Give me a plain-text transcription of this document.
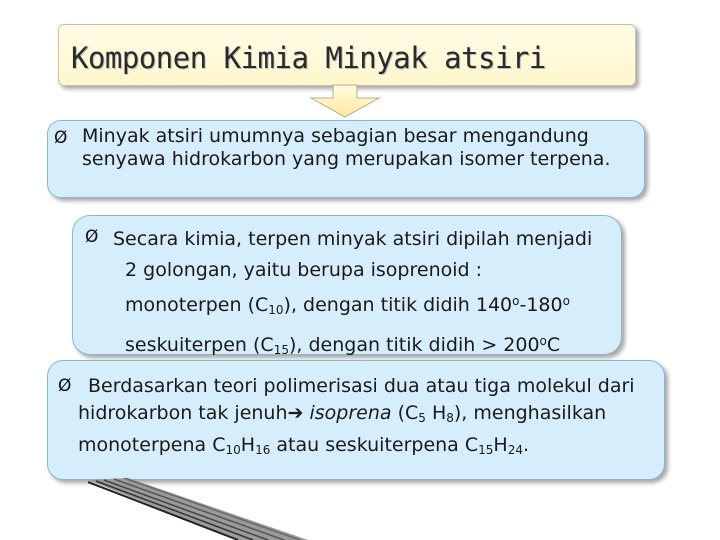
Komponen Kimia Minyak atsiri
Ø Minyak atsiri umumnya sebagian besar mengandung
senyawa hidrokarbon yang merupakan isomer terpena.
Ø Secara kimia, terpen minyak atsiri dipilah menjadi
2 golongan, yaitu berupa isoprenoid :
monoterpen $(C_{10})$, dengan titik didih 140$^o$-180$^o$
seskuiterpen $(C_{15})$, dengan titik didih > $200^oC$
Ø Berdasarkan teori polimerisasi dua atau tiga molekul dari
hidrokarbon tak jenuh➔ isoprena ($C_5$ $H_8$), menghasilkan
monoterpena $C_{10}H_{16}$ atau seskuiterpena $C_{15}H_{24}$.
